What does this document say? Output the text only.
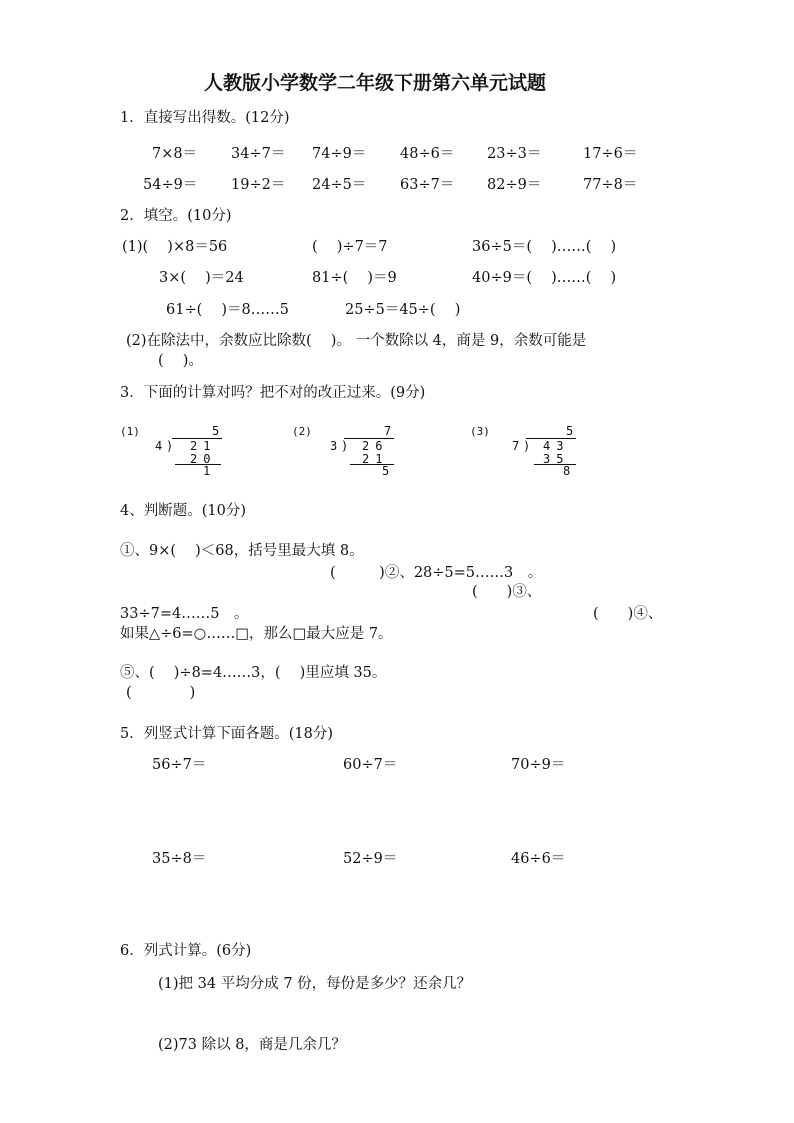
人教版小学数学二年级下册第六单元试题
1．直接写出得数。(12分)
7×8＝ 34÷7＝ 74÷9＝ 48÷6＝ 23÷3＝	17÷6＝
54÷9＝ 19÷2＝ 24÷5＝ 63÷7＝ 82÷9＝	77÷8＝
2．填空。(10分)
(1)(　 )×8＝56	(　 )÷7＝7	36÷5＝(　 )……(　 )
3×(　 )＝24	81÷(　 )＝9	40÷9＝(　 )……(　 )
61÷(　 )＝8……5	25÷5＝45÷(　 )
(2)在除法中，余数应比除数(　 )。 一个数除以 4，商是 9，余数可能是
(　 )。
3．下面的计算对吗？把不对的改正过来。(9分)
(1)	5
4 ) 21
20
1
(2)	7
3 ) 26
21
5
(3)	5
7 ) 43
35
8
4、判断题。(10分)
①、9×(　 )＜68，括号里最大填 8。
(　　　)②、28÷5=5……3　。
(　　)③、
33÷7=4……5　。	(　　)④、
如果△÷6=○……□，那么□最大应是 7。
⑤、(　 )÷8=4……3，(　 )里应填 35。
(　　　　)
5．列竖式计算下面各题。(18分)
56÷7＝	60÷7＝	70÷9＝
35÷8＝	52÷9＝	46÷6＝
6．列式计算。(6分)
(1)把 34 平均分成 7 份，每份是多少？还余几？
(2)73 除以 8，商是几余几？
